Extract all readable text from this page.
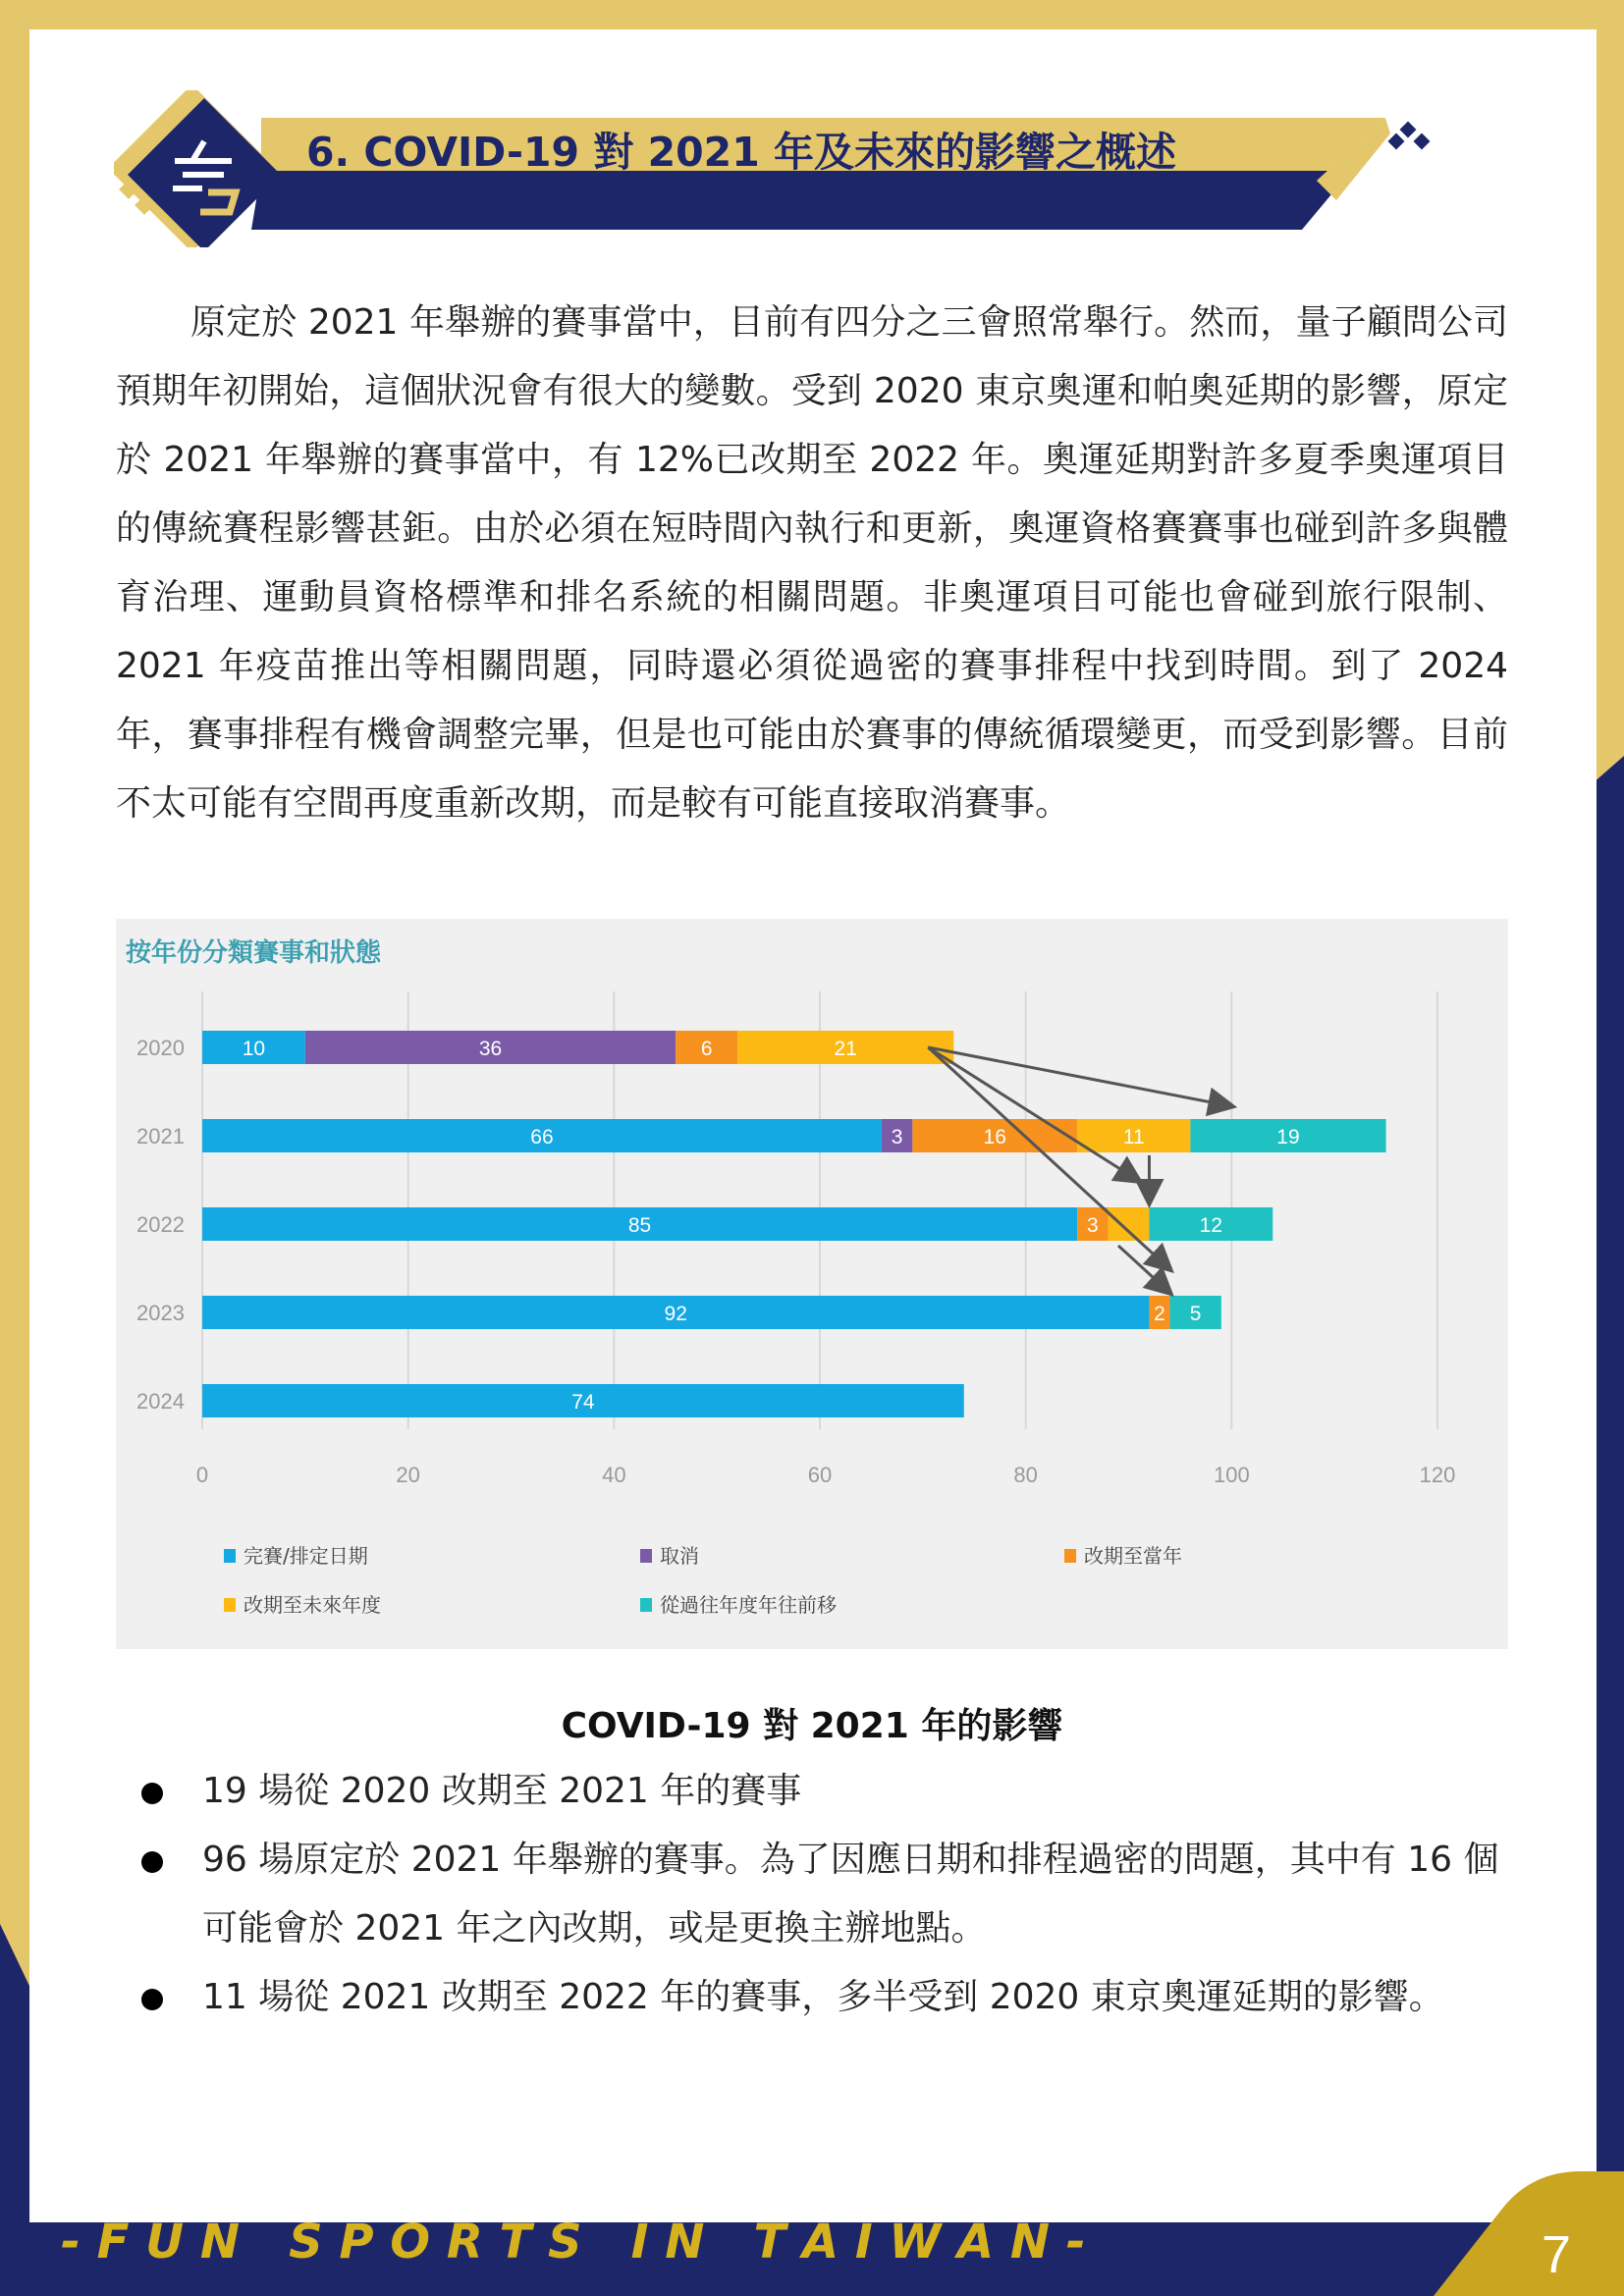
6. COVID-19 對 2021 年及未來的影響之概述

原定於 2021 年舉辦的賽事當中，目前有四分之三會照常舉行。然而，量子顧問公司預期年初開始，這個狀況會有很大的變數。受到 2020 東京奧運和帕奧延期的影響，原定於 2021 年舉辦的賽事當中，有 12%已改期至 2022 年。奧運延期對許多夏季奧運項目的傳統賽程影響甚鉅。由於必須在短時間內執行和更新，奧運資格賽賽事也碰到許多與體育治理、運動員資格標準和排名系統的相關問題。非奧運項目可能也會碰到旅行限制、2021 年疫苗推出等相關問題，同時還必須從過密的賽事排程中找到時間。到了 2024 年，賽事排程有機會調整完畢，但是也可能由於賽事的傳統循環變更，而受到影響。目前不太可能有空間再度重新改期，而是較有可能直接取消賽事。

按年份分類賽事和狀態
0	20	40	60	80	100	120
2020	10	36	6	21
2021	66	3	16	11	19
2022	85	3	12
2023	92	2 5
2024	74
完賽/排定日期	取消	改期至當年
改期至未來年度	從過往年度年往前移
COVID-19 對 2021 年的影響
19 場從 2020 改期至 2021 年的賽事
96 場原定於 2021 年舉辦的賽事。為了因應日期和排程過密的問題，其中有 16 個可能會於 2021 年之內改期，或是更換主辦地點。
11 場從 2021 改期至 2022 年的賽事，多半受到 2020 東京奧運延期的影響。
- F U N   S P O R T S   I N   T A I W A N -	7
